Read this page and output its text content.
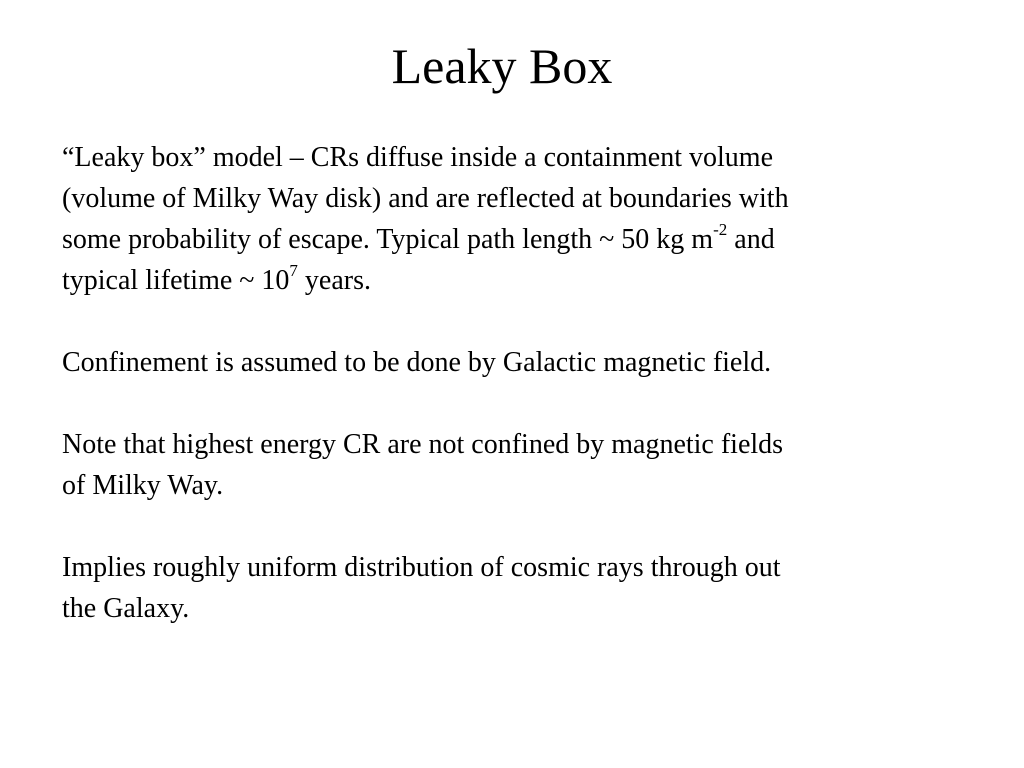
Leaky Box

“Leaky box” model – CRs diffuse inside a containment volume
(volume of Milky Way disk) and are reflected at boundaries with
some probability of escape. Typical path length ~ 50 kg $m^{-2}$ and
typical lifetime ~ $10^7$ years.

Confinement is assumed to be done by Galactic magnetic field.

Note that highest energy CR are not confined by magnetic fields
of Milky Way.

Implies roughly uniform distribution of cosmic rays through out
the Galaxy.
